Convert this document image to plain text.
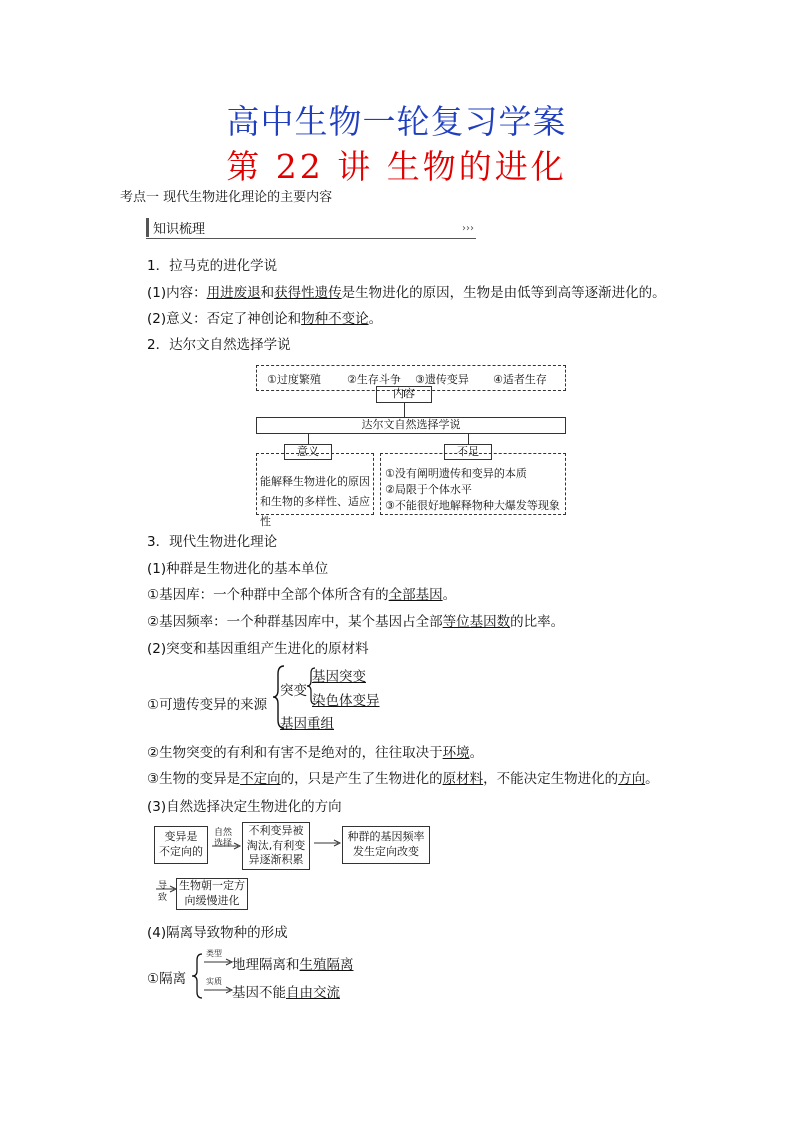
高中生物一轮复习学案
第 22 讲 生物的进化
考点一 现代生物进化理论的主要内容
知识梳理	›››
1．拉马克的进化学说
(1)内容：用进废退和获得性遗传是生物进化的原因，生物是由低等到高等逐渐进化的。
(2)意义：否定了神创论和物种不变论。
2．达尔文自然选择学说
①过度繁殖 ②生存斗争 ③遗传变异 ④适者生存
内容
达尔文自然选择学说
意义	不足
能解释生物进化的原因
和生物的多样性、适应性
①没有阐明遗传和变异的本质
②局限于个体水平
③不能很好地解释物种大爆发等现象
3．现代生物进化理论
(1)种群是生物进化的基本单位
①基因库：一个种群中全部个体所含有的全部基因。
②基因频率：一个种群基因库中，某个基因占全部等位基因数的比率。
(2)突变和基因重组产生进化的原材料
①可遗传变异的来源
突变
基因突变
染色体变异
基因重组
②生物突变的有利和有害不是绝对的，往往取决于环境。
③生物的变异是不定向的，只是产生了生物进化的原材料，不能决定生物进化的方向。
(3)自然选择决定生物进化的方向
变异是
不定向的
自然
选择
不利变异被
淘汰,有利变
异逐渐积累
种群的基因频率
发生定向改变
导
致
生物朝一定方
向缓慢进化
(4)隔离导致物种的形成
①隔离
类型
地理隔离和生殖隔离
实质
基因不能自由交流
